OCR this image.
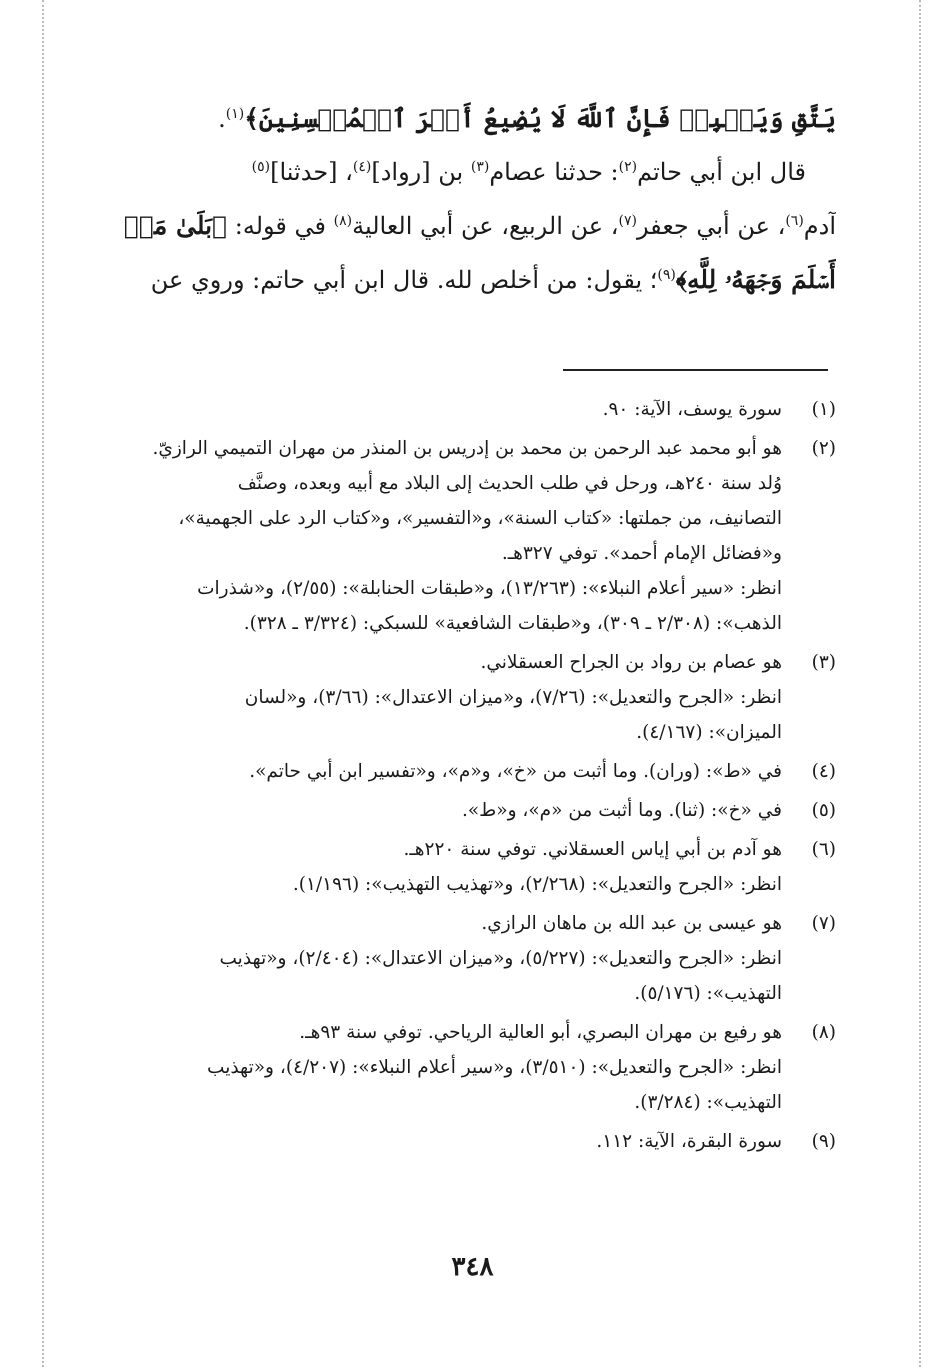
يَتَّقِ وَيَصۡبِرۡ فَإِنَّ ٱللَّهَ لَا يُضِيعُ أَجۡرَ ٱلۡمُحۡسِنِينَ﴾$^{(١)}$.
قال ابن أبي حاتم$^{(٢)}$: حدثنا عصام$^{(٣)}$ بن [رواد]$^{(٤)}$، [حدثنا]$^{(٥)}$
آدم$^{(٦)}$، عن أبي جعفر$^{(٧)}$، عن الربيع، عن أبي العالية$^{(٨)}$ في قوله: ﴿بَلَىٰ مَنۡ
أَسۡلَمَ وَجۡهَهُۥ لِلَّهِ﴾$^{(٩)}$؛ يقول: من أخلص لله. قال ابن أبي حاتم: وروي عن
(١)
سورة يوسف، الآية: ٩٠.
(٢)
هو أبو محمد عبد الرحمن بن محمد بن إدريس بن المنذر من مهران التميمي الرازيّ.
وُلد سنة ٢٤٠هـ، ورحل في طلب الحديث إلى البلاد مع أبيه وبعده، وصنَّف
التصانيف، من جملتها: «كتاب السنة»، و«التفسير»، و«كتاب الرد على الجهمية»،
و«فضائل الإمام أحمد». توفي ٣٢٧هـ.
انظر: «سير أعلام النبلاء»: (١٣/٢٦٣)، و«طبقات الحنابلة»: (٢/٥٥)، و«شذرات
الذهب»: (٢/٣٠٨ ـ ٣٠٩)، و«طبقات الشافعية» للسبكي: (٣/٣٢٤ ـ ٣٢٨).
(٣)
هو عصام بن رواد بن الجراح العسقلاني.
انظر: «الجرح والتعديل»: (٧/٢٦)، و«ميزان الاعتدال»: (٣/٦٦)، و«لسان
الميزان»: (٤/١٦٧).
(٤)
في «ط»: (وران). وما أثبت من «خ»، و«م»، و«تفسير ابن أبي حاتم».
(٥)
في «خ»: (ثنا). وما أثبت من «م»، و«ط».
(٦)
هو آدم بن أبي إياس العسقلاني. توفي سنة ٢٢٠هـ.
انظر: «الجرح والتعديل»: (٢/٢٦٨)، و«تهذيب التهذيب»: (١/١٩٦).
(٧)
هو عيسى بن عبد الله بن ماهان الرازي.
انظر: «الجرح والتعديل»: (٥/٢٢٧)، و«ميزان الاعتدال»: (٢/٤٠٤)، و«تهذيب
التهذيب»: (٥/١٧٦).
(٨)
هو رفيع بن مهران البصري، أبو العالية الرياحي. توفي سنة ٩٣هـ.
انظر: «الجرح والتعديل»: (٣/٥١٠)، و«سير أعلام النبلاء»: (٤/٢٠٧)، و«تهذيب
التهذيب»: (٣/٢٨٤).
(٩)
سورة البقرة، الآية: ١١٢.
٣٤٨
